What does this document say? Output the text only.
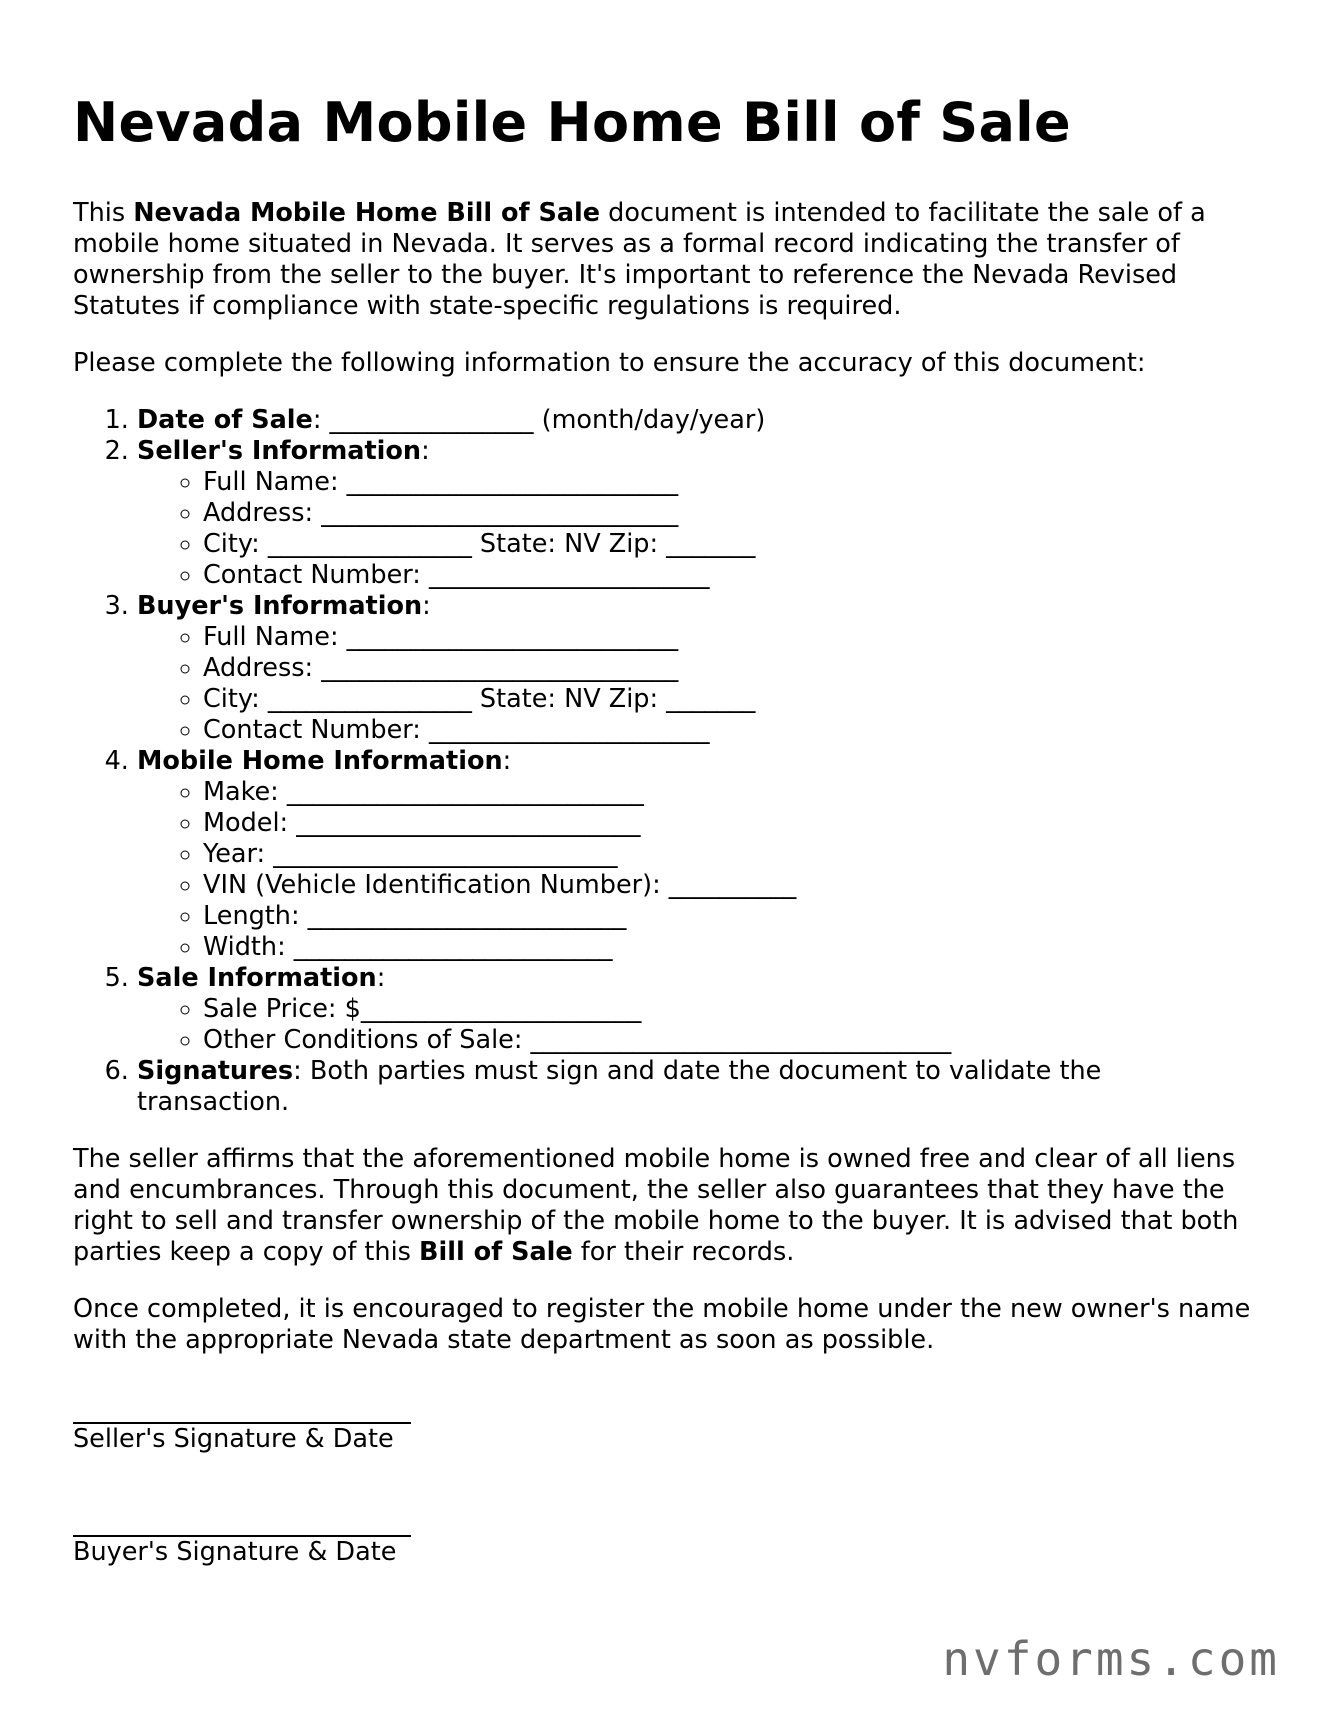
Nevada Mobile Home Bill of Sale

This Nevada Mobile Home Bill of Sale document is intended to facilitate the sale of a mobile home situated in Nevada. It serves as a formal record indicating the transfer of ownership from the seller to the buyer. It's important to reference the Nevada Revised Statutes if compliance with state-specific regulations is required.

Please complete the following information to ensure the accuracy of this document:

1. Date of Sale: ________________ (month/day/year)
2. Seller's Information:
◦ Full Name: __________________________
◦ Address: ____________________________
◦ City: ________________ State: NV Zip: _______
◦ Contact Number: ______________________
3. Buyer's Information:
◦ Full Name: __________________________
◦ Address: ____________________________
◦ City: ________________ State: NV Zip: _______
◦ Contact Number: ______________________
4. Mobile Home Information:
◦ Make: ____________________________
◦ Model: ___________________________
◦ Year: ___________________________
◦ VIN (Vehicle Identification Number): __________
◦ Length: _________________________
◦ Width: _________________________
5. Sale Information:
◦ Sale Price: $______________________
◦ Other Conditions of Sale: _________________________________
6. Signatures: Both parties must sign and date the document to validate the transaction.

The seller affirms that the aforementioned mobile home is owned free and clear of all liens and encumbrances. Through this document, the seller also guarantees that they have the right to sell and transfer ownership of the mobile home to the buyer. It is advised that both parties keep a copy of this Bill of Sale for their records.

Once completed, it is encouraged to register the mobile home under the new owner's name with the appropriate Nevada state department as soon as possible.

Seller's Signature & Date
Buyer's Signature & Date
nvforms.com
